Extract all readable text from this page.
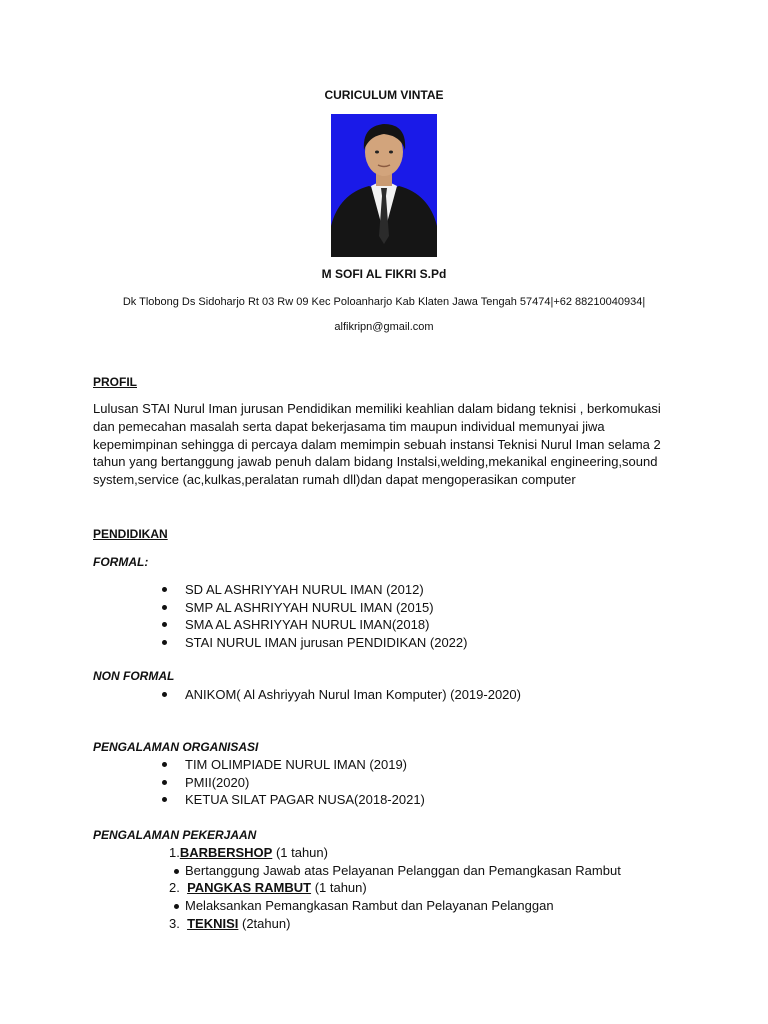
CURICULUM VINTAE
M SOFI AL FIKRI S.Pd
Dk Tlobong Ds Sidoharjo Rt 03 Rw 09 Kec Poloanharjo Kab Klaten Jawa Tengah 57474|+62 88210040934|
alfikripn@gmail.com
PROFIL
Lulusan STAI Nurul Iman jurusan Pendidikan memiliki keahlian dalam bidang teknisi , berkomukasi
dan pemecahan masalah serta dapat bekerjasama tim maupun individual memunyai jiwa
kepemimpinan sehingga di percaya dalam memimpin sebuah instansi Teknisi Nurul Iman selama 2
tahun yang bertanggung jawab penuh dalam bidang Instalsi,welding,mekanikal engineering,sound
system,service (ac,kulkas,peralatan rumah dll)dan dapat mengoperasikan computer
PENDIDIKAN
FORMAL:
SD AL ASHRIYYAH NURUL IMAN (2012)
SMP AL ASHRIYYAH NURUL IMAN (2015)
SMA AL ASHRIYYAH NURUL IMAN(2018)
STAI NURUL IMAN jurusan PENDIDIKAN (2022)
NON FORMAL
ANIKOM( Al Ashriyyah Nurul Iman Komputer) (2019-2020)
PENGALAMAN ORGANISASI
TIM OLIMPIADE NURUL IMAN (2019)
PMII(2020)
KETUA SILAT PAGAR NUSA(2018-2021)
PENGALAMAN PEKERJAAN
1.BARBERSHOP (1 tahun)
Bertanggung Jawab atas Pelayanan Pelanggan dan Pemangkasan Rambut
2. PANGKAS RAMBUT (1 tahun)
Melaksankan Pemangkasan Rambut dan Pelayanan Pelanggan
3. TEKNISI (2tahun)
